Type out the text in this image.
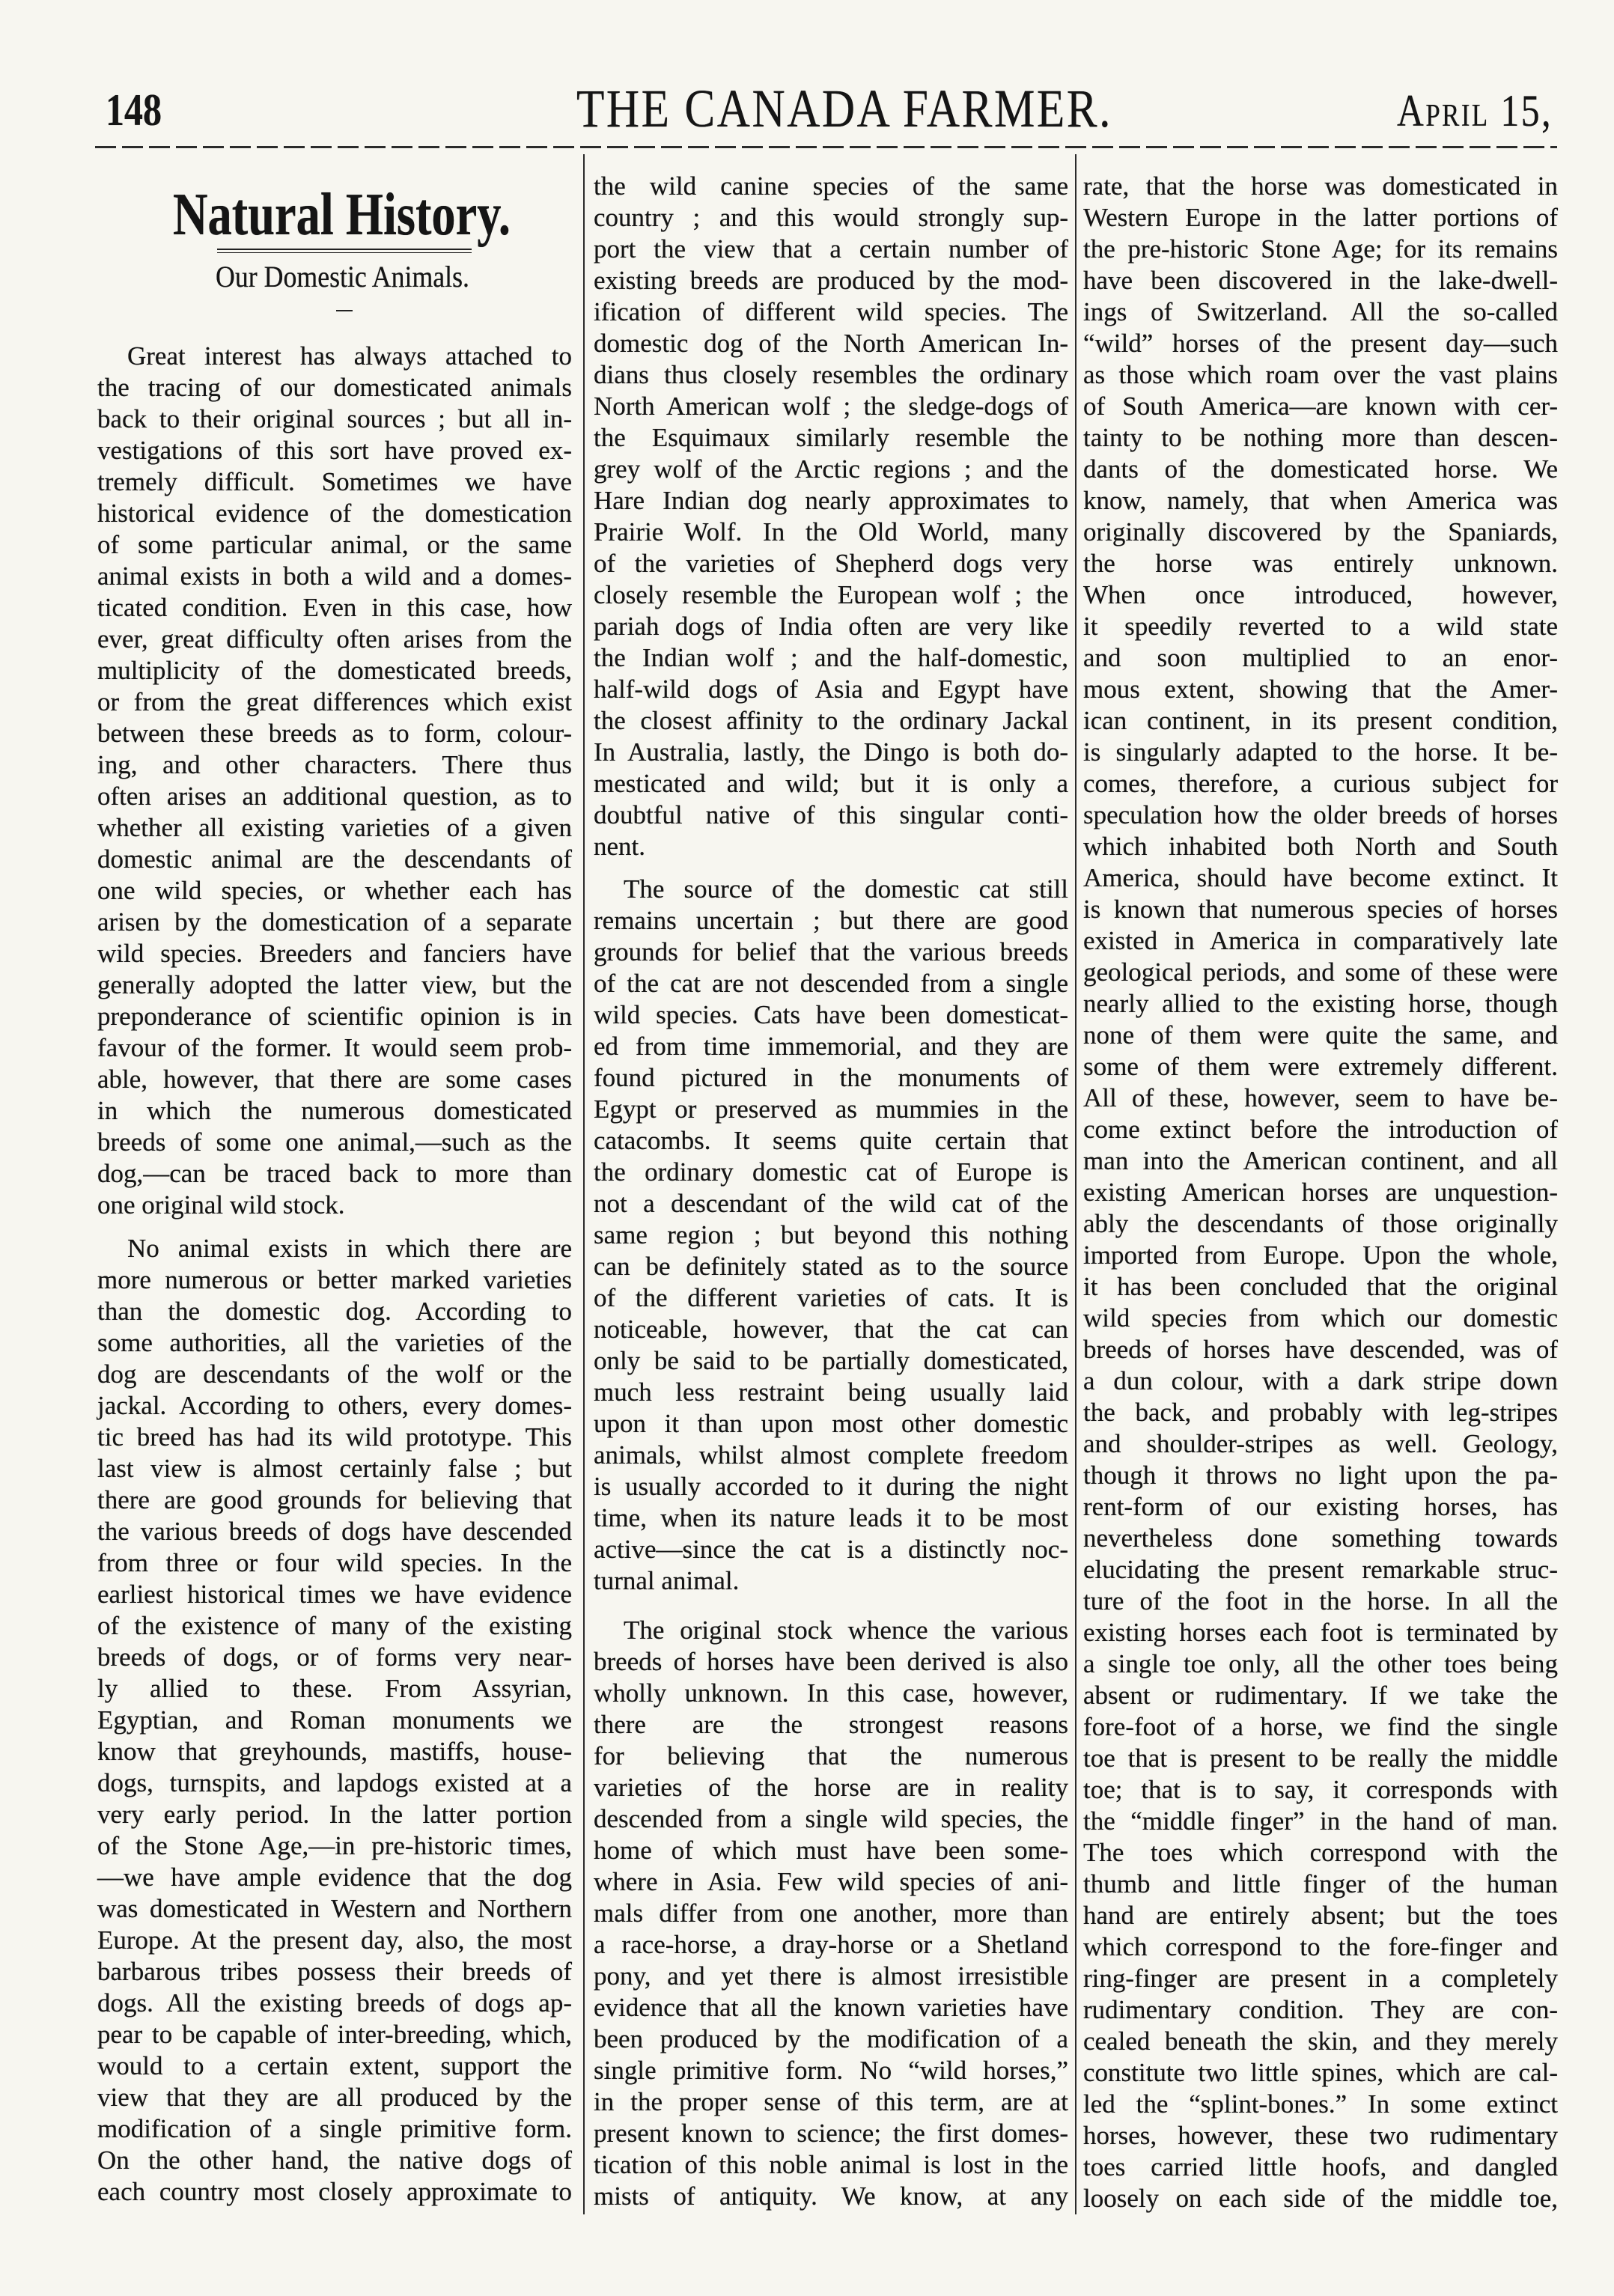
148	THE CANADA FARMER.	April 15,
Natural History.
Our Domestic Animals.
Great interest has always attached to
the tracing of our domesticated animals
back to their original sources ; but all in-
vestigations of this sort have proved ex-
tremely difficult. Sometimes we have
historical evidence of the domestication
of some particular animal, or the same
animal exists in both a wild and a domes-
ticated condition. Even in this case, how
ever, great difficulty often arises from the
multiplicity of the domesticated breeds,
or from the great differences which exist
between these breeds as to form, colour-
ing, and other characters. There thus
often arises an additional question, as to
whether all existing varieties of a given
domestic animal are the descendants of
one wild species, or whether each has
arisen by the domestication of a separate
wild species. Breeders and fanciers have
generally adopted the latter view, but the
preponderance of scientific opinion is in
favour of the former. It would seem prob-
able, however, that there are some cases
in which the numerous domesticated
breeds of some one animal,—such as the
dog,—can be traced back to more than
one original wild stock.
No animal exists in which there are
more numerous or better marked varieties
than the domestic dog. According to
some authorities, all the varieties of the
dog are descendants of the wolf or the
jackal. According to others, every domes-
tic breed has had its wild prototype. This
last view is almost certainly false ; but
there are good grounds for believing that
the various breeds of dogs have descended
from three or four wild species. In the
earliest historical times we have evidence
of the existence of many of the existing
breeds of dogs, or of forms very near-
ly allied to these. From Assyrian,
Egyptian, and Roman monuments we
know that greyhounds, mastiffs, house-
dogs, turnspits, and lapdogs existed at a
very early period. In the latter portion
of the Stone Age,—in pre-historic times,
—we have ample evidence that the dog
was domesticated in Western and Northern
Europe. At the present day, also, the most
barbarous tribes possess their breeds of
dogs. All the existing breeds of dogs ap-
pear to be capable of inter-breeding, which,
would to a certain extent, support the
view that they are all produced by the
modification of a single primitive form.
On the other hand, the native dogs of
each country most closely approximate to
the wild canine species of the same
country ; and this would strongly sup-
port the view that a certain number of
existing breeds are produced by the mod-
ification of different wild species. The
domestic dog of the North American In-
dians thus closely resembles the ordinary
North American wolf ; the sledge-dogs of
the Esquimaux similarly resemble the
grey wolf of the Arctic regions ; and the
Hare Indian dog nearly approximates to
Prairie Wolf. In the Old World, many
of the varieties of Shepherd dogs very
closely resemble the European wolf ; the
pariah dogs of India often are very like
the Indian wolf ; and the half-domestic,
half-wild dogs of Asia and Egypt have
the closest affinity to the ordinary Jackal
In Australia, lastly, the Dingo is both do-
mesticated and wild; but it is only a
doubtful native of this singular conti-
nent.
The source of the domestic cat still
remains uncertain ; but there are good
grounds for belief that the various breeds
of the cat are not descended from a single
wild species. Cats have been domesticat-
ed from time immemorial, and they are
found pictured in the monuments of
Egypt or preserved as mummies in the
catacombs. It seems quite certain that
the ordinary domestic cat of Europe is
not a descendant of the wild cat of the
same region ; but beyond this nothing
can be definitely stated as to the source
of the different varieties of cats. It is
noticeable, however, that the cat can
only be said to be partially domesticated,
much less restraint being usually laid
upon it than upon most other domestic
animals, whilst almost complete freedom
is usually accorded to it during the night
time, when its nature leads it to be most
active—since the cat is a distinctly noc-
turnal animal.
The original stock whence the various
breeds of horses have been derived is also
wholly unknown. In this case, however,
there are the strongest reasons
for believing that the numerous
varieties of the horse are in reality
descended from a single wild species, the
home of which must have been some-
where in Asia. Few wild species of ani-
mals differ from one another, more than
a race-horse, a dray-horse or a Shetland
pony, and yet there is almost irresistible
evidence that all the known varieties have
been produced by the modification of a
single primitive form. No “wild horses,”
in the proper sense of this term, are at
present known to science; the first domes-
tication of this noble animal is lost in the
mists of antiquity. We know, at any
rate, that the horse was domesticated in
Western Europe in the latter portions of
the pre-historic Stone Age; for its remains
have been discovered in the lake-dwell-
ings of Switzerland. All the so-called
“wild” horses of the present day—such
as those which roam over the vast plains
of South America—are known with cer-
tainty to be nothing more than descen-
dants of the domesticated horse. We
know, namely, that when America was
originally discovered by the Spaniards,
the horse was entirely unknown.
When once introduced, however,
it speedily reverted to a wild state
and soon multiplied to an enor-
mous extent, showing that the Amer-
ican continent, in its present condition,
is singularly adapted to the horse. It be-
comes, therefore, a curious subject for
speculation how the older breeds of horses
which inhabited both North and South
America, should have become extinct. It
is known that numerous species of horses
existed in America in comparatively late
geological periods, and some of these were
nearly allied to the existing horse, though
none of them were quite the same, and
some of them were extremely different.
All of these, however, seem to have be-
come extinct before the introduction of
man into the American continent, and all
existing American horses are unquestion-
ably the descendants of those originally
imported from Europe. Upon the whole,
it has been concluded that the original
wild species from which our domestic
breeds of horses have descended, was of
a dun colour, with a dark stripe down
the back, and probably with leg-stripes
and shoulder-stripes as well. Geology,
though it throws no light upon the pa-
rent-form of our existing horses, has
nevertheless done something towards
elucidating the present remarkable struc-
ture of the foot in the horse. In all the
existing horses each foot is terminated by
a single toe only, all the other toes being
absent or rudimentary. If we take the
fore-foot of a horse, we find the single
toe that is present to be really the middle
toe; that is to say, it corresponds with
the “middle finger” in the hand of man.
The toes which correspond with the
thumb and little finger of the human
hand are entirely absent; but the toes
which correspond to the fore-finger and
ring-finger are present in a completely
rudimentary condition. They are con-
cealed beneath the skin, and they merely
constitute two little spines, which are cal-
led the “splint-bones.” In some extinct
horses, however, these two rudimentary
toes carried little hoofs, and dangled
loosely on each side of the middle toe,
